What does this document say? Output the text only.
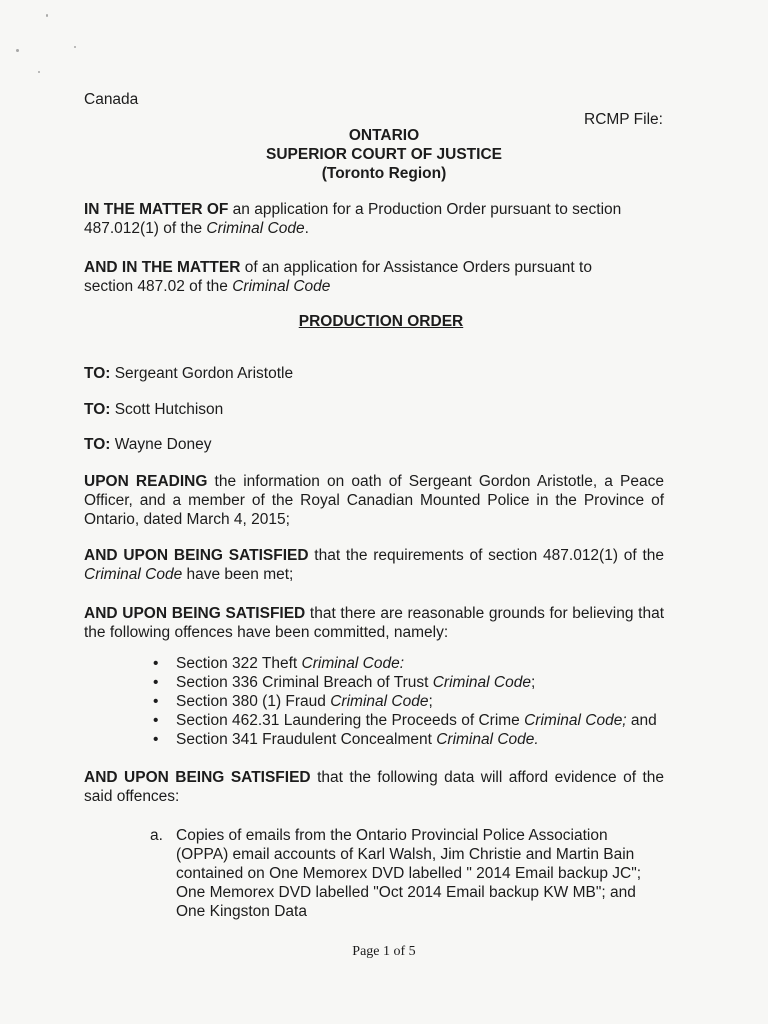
Canada
RCMP File:
ONTARIO
SUPERIOR COURT OF JUSTICE
(Toronto Region)
IN THE MATTER OF an application for a Production Order pursuant to section 487.012(1) of the Criminal Code.
AND IN THE MATTER of an application for Assistance Orders pursuant to section 487.02 of the Criminal Code
PRODUCTION ORDER
TO: Sergeant Gordon Aristotle
TO: Scott Hutchison
TO: Wayne Doney
UPON READING the information on oath of Sergeant Gordon Aristotle, a Peace Officer, and a member of the Royal Canadian Mounted Police in the Province of Ontario, dated March 4, 2015;
AND UPON BEING SATISFIED that the requirements of section 487.012(1) of the Criminal Code have been met;
AND UPON BEING SATISFIED that there are reasonable grounds for believing that the following offences have been committed, namely:
• Section 322 Theft Criminal Code:
• Section 336 Criminal Breach of Trust Criminal Code;
• Section 380 (1) Fraud Criminal Code;
• Section 462.31 Laundering the Proceeds of Crime Criminal Code; and
• Section 341 Fraudulent Concealment Criminal Code.
AND UPON BEING SATISFIED that the following data will afford evidence of the said offences:
a. Copies of emails from the Ontario Provincial Police Association (OPPA) email accounts of Karl Walsh, Jim Christie and Martin Bain contained on One Memorex DVD labelled " 2014 Email backup JC"; One Memorex DVD labelled "Oct 2014 Email backup KW MB"; and One Kingston Data
Page 1 of 5
